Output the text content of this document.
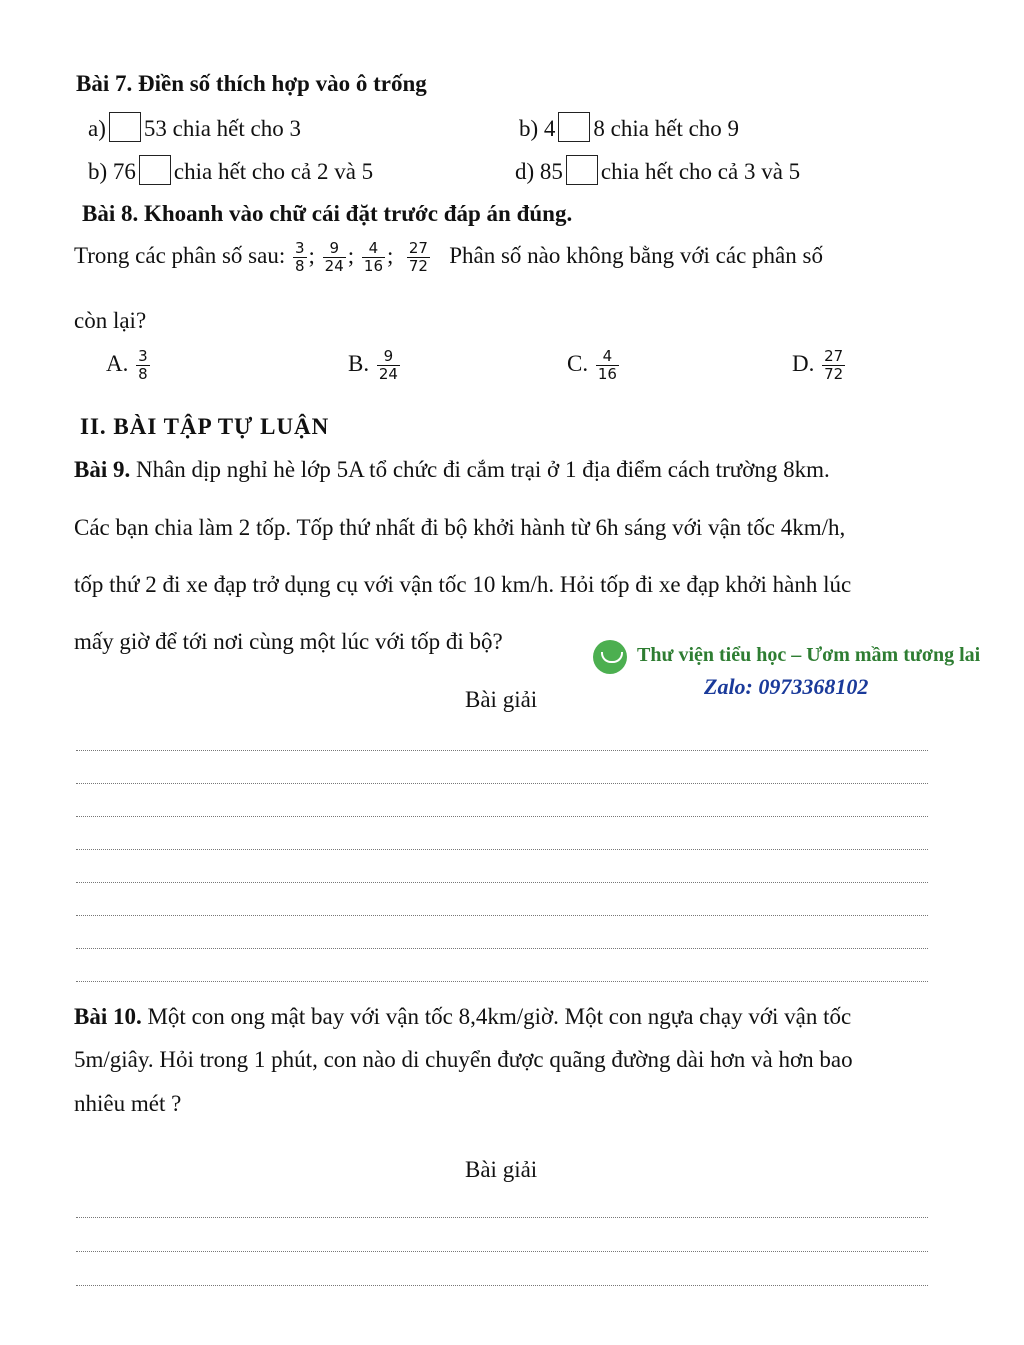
Bài 7. Điền số thích hợp vào ô trống
a) 53 chia hết cho 3	b) 4 8 chia hết cho 9
b) 76 chia hết cho cả 2 và 5	d) 85 chia hết cho cả 3 và 5
Bài 8. Khoanh vào chữ cái đặt trước đáp án đúng.
Trong các phân số sau: $\frac{3}{8}$ ; $\frac{9}{24}$ ; $\frac{4}{16}$ ; $\frac{27}{72}$ Phân số nào không bằng với các phân số
còn lại?
A. $\frac{3}{8}$	B. $\frac{9}{24}$	C. $\frac{4}{16}$	D. $\frac{27}{72}$
II. BÀI TẬP TỰ LUẬN
Bài 9. Nhân dịp nghỉ hè lớp 5A tổ chức đi cắm trại ở 1 địa điểm cách trường 8km.
Các bạn chia làm 2 tốp. Tốp thứ nhất đi bộ khởi hành từ 6h sáng với vận tốc 4km/h,
tốp thứ 2 đi xe đạp trở dụng cụ với vận tốc 10 km/h. Hỏi tốp đi xe đạp khởi hành lúc
mấy giờ để tới nơi cùng một lúc với tốp đi bộ?
Thư viện tiểu học – Ươm mầm tương lai
Zalo: 0973368102
Bài giải
Bài 10. Một con ong mật bay với vận tốc 8,4km/giờ. Một con ngựa chạy với vận tốc
5m/giây. Hỏi trong 1 phút, con nào di chuyển được quãng đường dài hơn và hơn bao
nhiêu mét ?
Bài giải
